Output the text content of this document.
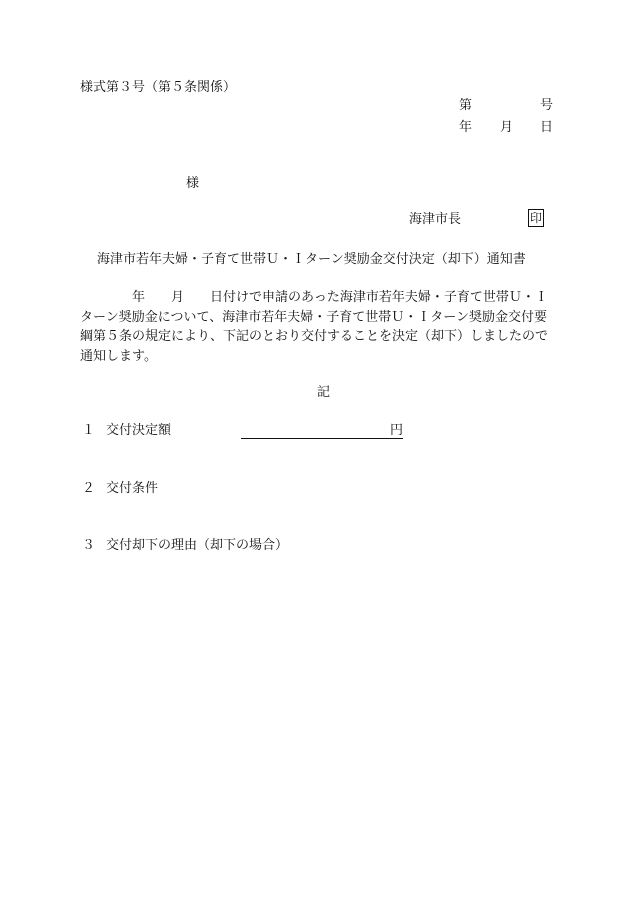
様式第３号（第５条関係）
第	号
年 月 日
様
海津市長	印
海津市若年夫婦・子育て世帯Ｕ・Ｉターン奨励金交付決定（却下）通知書
　　　　年　　月　　日付けで申請のあった海津市若年夫婦・子育て世帯Ｕ・Ｉ
ターン奨励金について、海津市若年夫婦・子育て世帯Ｕ・Ｉターン奨励金交付要
綱第５条の規定により、下記のとおり交付することを決定（却下）しましたので
通知します。
記
１ 交付決定額	円
２ 交付条件
３ 交付却下の理由（却下の場合）
